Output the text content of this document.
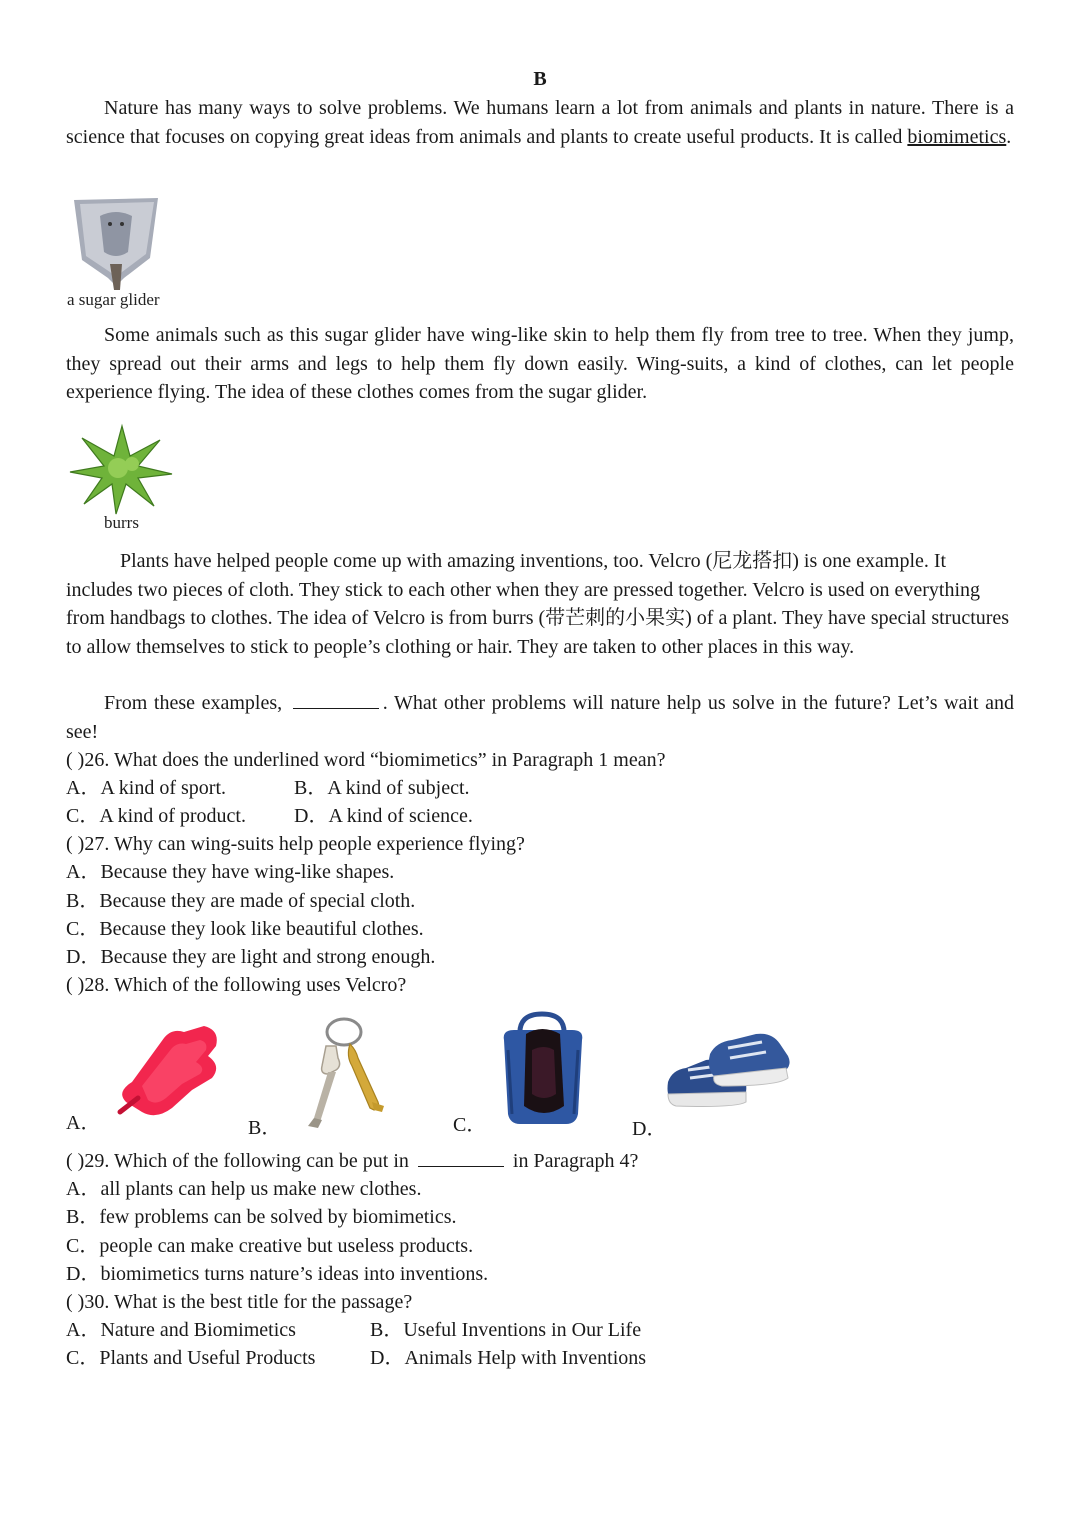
B
Nature has many ways to solve problems. We humans learn a lot from animals and plants in nature. There is a science that focuses on copying great ideas from animals and plants to create useful products. It is called biomimetics.
a sugar glider
Some animals such as this sugar glider have wing-like skin to help them fly from tree to tree. When they jump, they spread out their arms and legs to help them fly down easily. Wing-suits, a kind of clothes, can let people experience flying. The idea of these clothes comes from the sugar glider.
burrs
Plants have helped people come up with amazing inventions, too. Velcro (尼龙搭扣) is one example. It includes two pieces of cloth. They stick to each other when they are pressed together. Velcro is used on everything from handbags to clothes. The idea of Velcro is from burrs (带芒刺的小果实) of a plant. They have special structures to allow themselves to stick to people’s clothing or hair. They are taken to other places in this way.
From these examples,	. What other problems will nature help us solve in the future? Let’s wait and see!
( )26. What does the underlined word “biomimetics” in Paragraph 1 mean?
A．A kind of sport.	B．A kind of subject.
C．A kind of product. D．A kind of science.
( )27. Why can wing-suits help people experience flying?
A．Because they have wing-like shapes.
B．Because they are made of special cloth.
C．Because they look like beautiful clothes.
D．Because they are light and strong enough.
( )28. Which of the following uses Velcro?
A．	B．	C．	D．
( )29. Which of the following can be put in	in Paragraph 4?
A．all plants can help us make new clothes.
B．few problems can be solved by biomimetics.
C．people can make creative but useless products.
D．biomimetics turns nature’s ideas into inventions.
( )30. What is the best title for the passage?
A．Nature and Biomimetics	B．Useful Inventions in Our Life
C．Plants and Useful Products	D．Animals Help with Inventions
